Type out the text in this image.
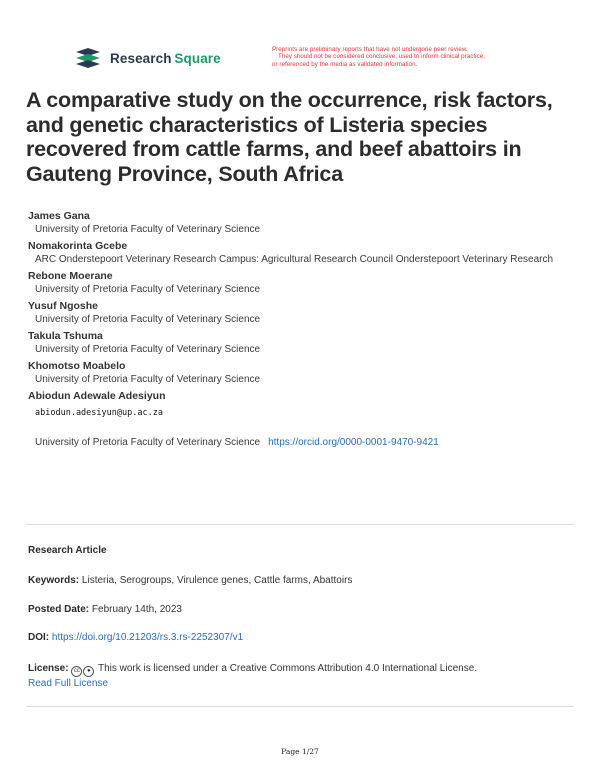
Research  Square
Preprints are preliminary reports that have not undergone peer review.
They should not be considered conclusive, used to inform clinical practice,
or referenced by the media as validated information.
A comparative study on the occurrence, risk factors, and genetic characteristics of Listeria species recovered from cattle farms, and beef abattoirs in Gauteng Province, South Africa
James Gana
University of Pretoria Faculty of Veterinary Science
Nomakorinta Gcebe
ARC Onderstepoort Veterinary Research Campus: Agricultural Research Council Onderstepoort Veterinary Research
Rebone Moerane
University of Pretoria Faculty of Veterinary Science
Yusuf Ngoshe
University of Pretoria Faculty of Veterinary Science
Takula Tshuma
University of Pretoria Faculty of Veterinary Science
Khomotso Moabelo
University of Pretoria Faculty of Veterinary Science
Abiodun Adewale Adesiyun
abiodun.adesiyun@up.ac.za
University of Pretoria Faculty of Veterinary Science https://orcid.org/0000-0001-9470-9421
Research Article
Keywords: Listeria, Serogroups, Virulence genes, Cattle farms, Abattoirs
Posted Date: February 14th, 2023
DOI: https://doi.org/10.21203/rs.3.rs-2252307/v1
License: cc ● This work is licensed under a Creative Commons Attribution 4.0 International License.
Read Full License
Page 1/27
